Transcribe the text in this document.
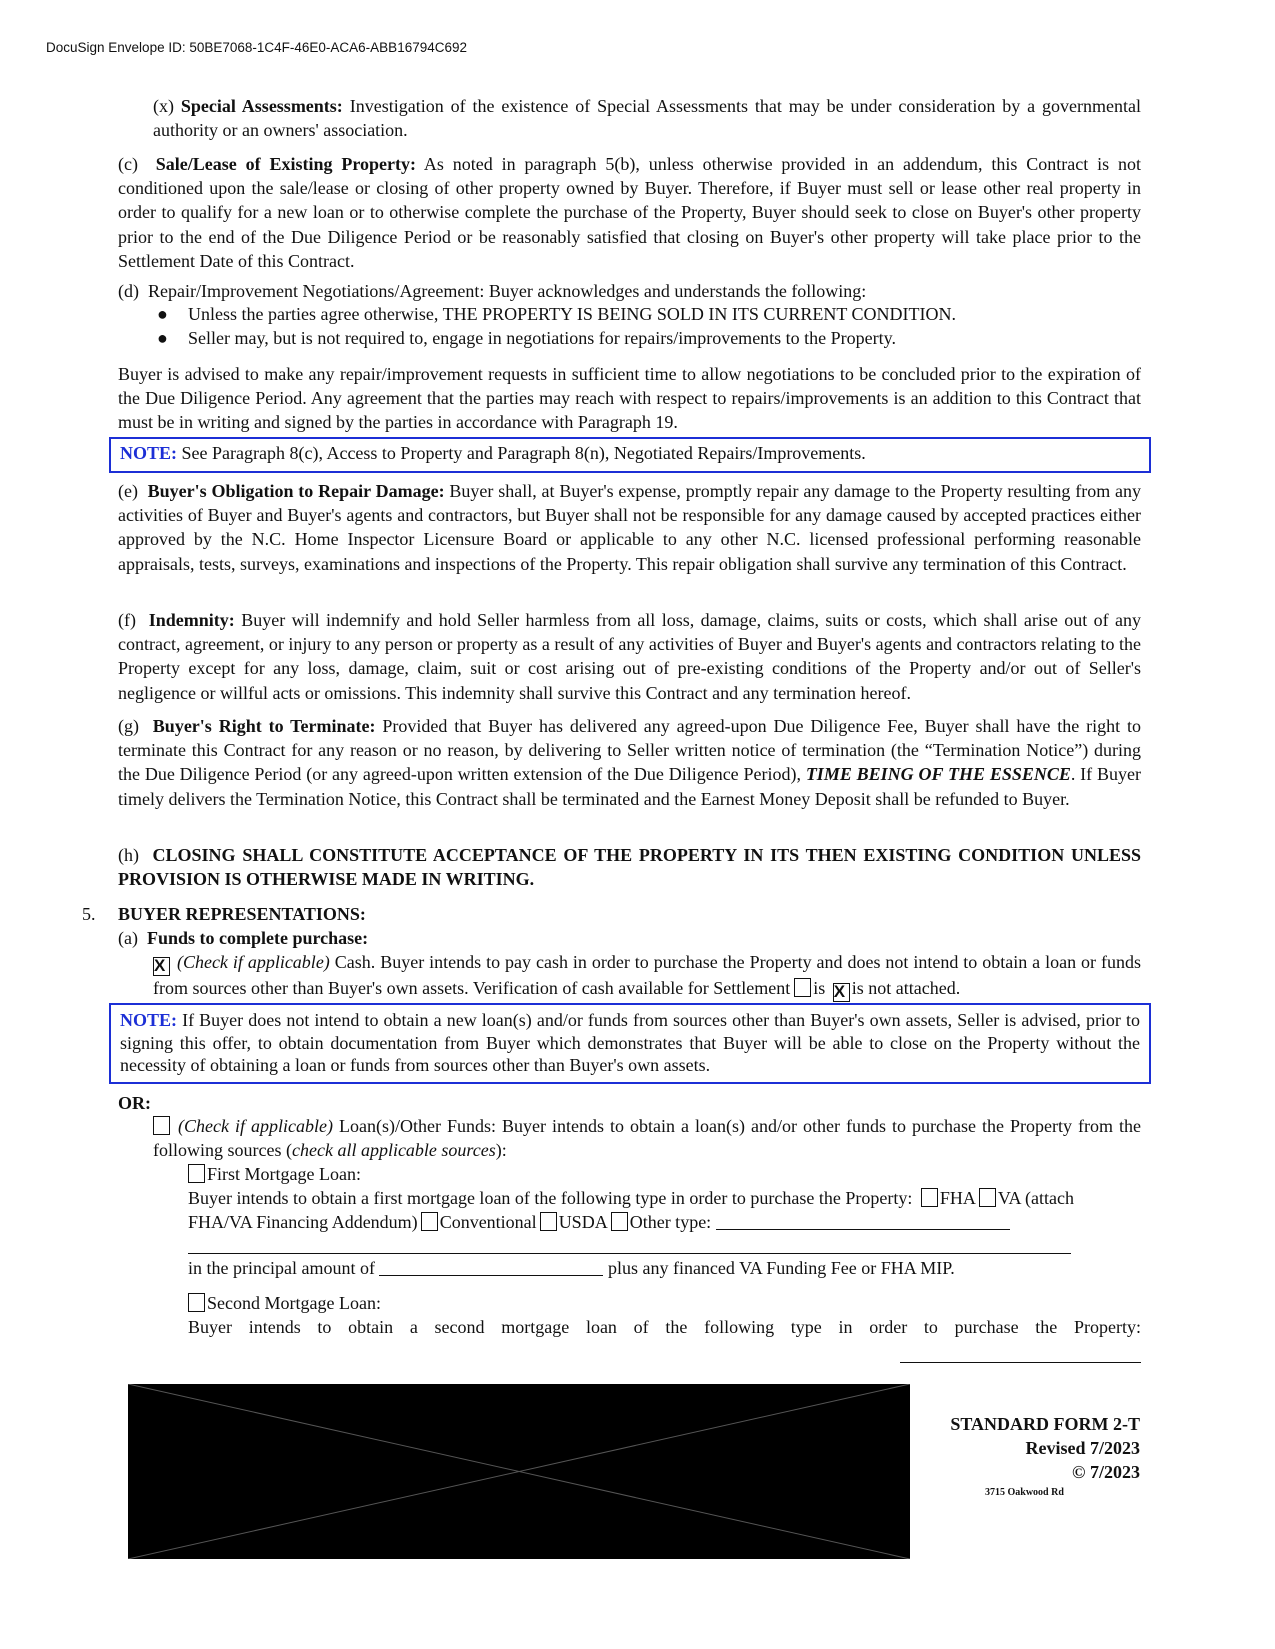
DocuSign Envelope ID: 50BE7068-1C4F-46E0-ACA6-ABB16794C692
(x) Special Assessments: Investigation of the existence of Special Assessments that may be under consideration by a governmental authority or an owners' association.
(c) Sale/Lease of Existing Property: As noted in paragraph 5(b), unless otherwise provided in an addendum, this Contract is not conditioned upon the sale/lease or closing of other property owned by Buyer. Therefore, if Buyer must sell or lease other real property in order to qualify for a new loan or to otherwise complete the purchase of the Property, Buyer should seek to close on Buyer's other property prior to the end of the Due Diligence Period or be reasonably satisfied that closing on Buyer's other property will take place prior to the Settlement Date of this Contract.
(d) Repair/Improvement Negotiations/Agreement: Buyer acknowledges and understands the following:
● Unless the parties agree otherwise, THE PROPERTY IS BEING SOLD IN ITS CURRENT CONDITION.
● Seller may, but is not required to, engage in negotiations for repairs/improvements to the Property.
Buyer is advised to make any repair/improvement requests in sufficient time to allow negotiations to be concluded prior to the expiration of the Due Diligence Period. Any agreement that the parties may reach with respect to repairs/improvements is an addition to this Contract that must be in writing and signed by the parties in accordance with Paragraph 19.
NOTE: See Paragraph 8(c), Access to Property and Paragraph 8(n), Negotiated Repairs/Improvements.
(e) Buyer's Obligation to Repair Damage: Buyer shall, at Buyer's expense, promptly repair any damage to the Property resulting from any activities of Buyer and Buyer's agents and contractors, but Buyer shall not be responsible for any damage caused by accepted practices either approved by the N.C. Home Inspector Licensure Board or applicable to any other N.C. licensed professional performing reasonable appraisals, tests, surveys, examinations and inspections of the Property. This repair obligation shall survive any termination of this Contract.
(f) Indemnity: Buyer will indemnify and hold Seller harmless from all loss, damage, claims, suits or costs, which shall arise out of any contract, agreement, or injury to any person or property as a result of any activities of Buyer and Buyer's agents and contractors relating to the Property except for any loss, damage, claim, suit or cost arising out of pre-existing conditions of the Property and/or out of Seller's negligence or willful acts or omissions. This indemnity shall survive this Contract and any termination hereof.
(g) Buyer's Right to Terminate: Provided that Buyer has delivered any agreed-upon Due Diligence Fee, Buyer shall have the right to terminate this Contract for any reason or no reason, by delivering to Seller written notice of termination (the “Termination Notice”) during the Due Diligence Period (or any agreed-upon written extension of the Due Diligence Period), TIME BEING OF THE ESSENCE. If Buyer timely delivers the Termination Notice, this Contract shall be terminated and the Earnest Money Deposit shall be refunded to Buyer.
(h) CLOSING SHALL CONSTITUTE ACCEPTANCE OF THE PROPERTY IN ITS THEN EXISTING CONDITION UNLESS PROVISION IS OTHERWISE MADE IN WRITING.
5. BUYER REPRESENTATIONS:
(a) Funds to complete purchase:
X (Check if applicable) Cash. Buyer intends to pay cash in order to purchase the Property and does not intend to obtain a loan or funds from sources other than Buyer's own assets. Verification of cash available for Settlement is X is not attached.
NOTE: If Buyer does not intend to obtain a new loan(s) and/or funds from sources other than Buyer's own assets, Seller is advised, prior to signing this offer, to obtain documentation from Buyer which demonstrates that Buyer will be able to close on the Property without the necessity of obtaining a loan or funds from sources other than Buyer's own assets.
OR:
(Check if applicable) Loan(s)/Other Funds: Buyer intends to obtain a loan(s) and/or other funds to purchase the Property from the following sources (check all applicable sources):
First Mortgage Loan:
Buyer intends to obtain a first mortgage loan of the following type in order to purchase the Property: FHA VA (attach
FHA/VA Financing Addendum) Conventional USDA Other type:
in the principal amount of	plus any financed VA Funding Fee or FHA MIP.
Second Mortgage Loan:
Buyer intends to obtain a second mortgage loan of the following type in order to purchase the Property:
STANDARD FORM 2-T
Revised 7/2023
© 7/2023
3715 Oakwood Rd
